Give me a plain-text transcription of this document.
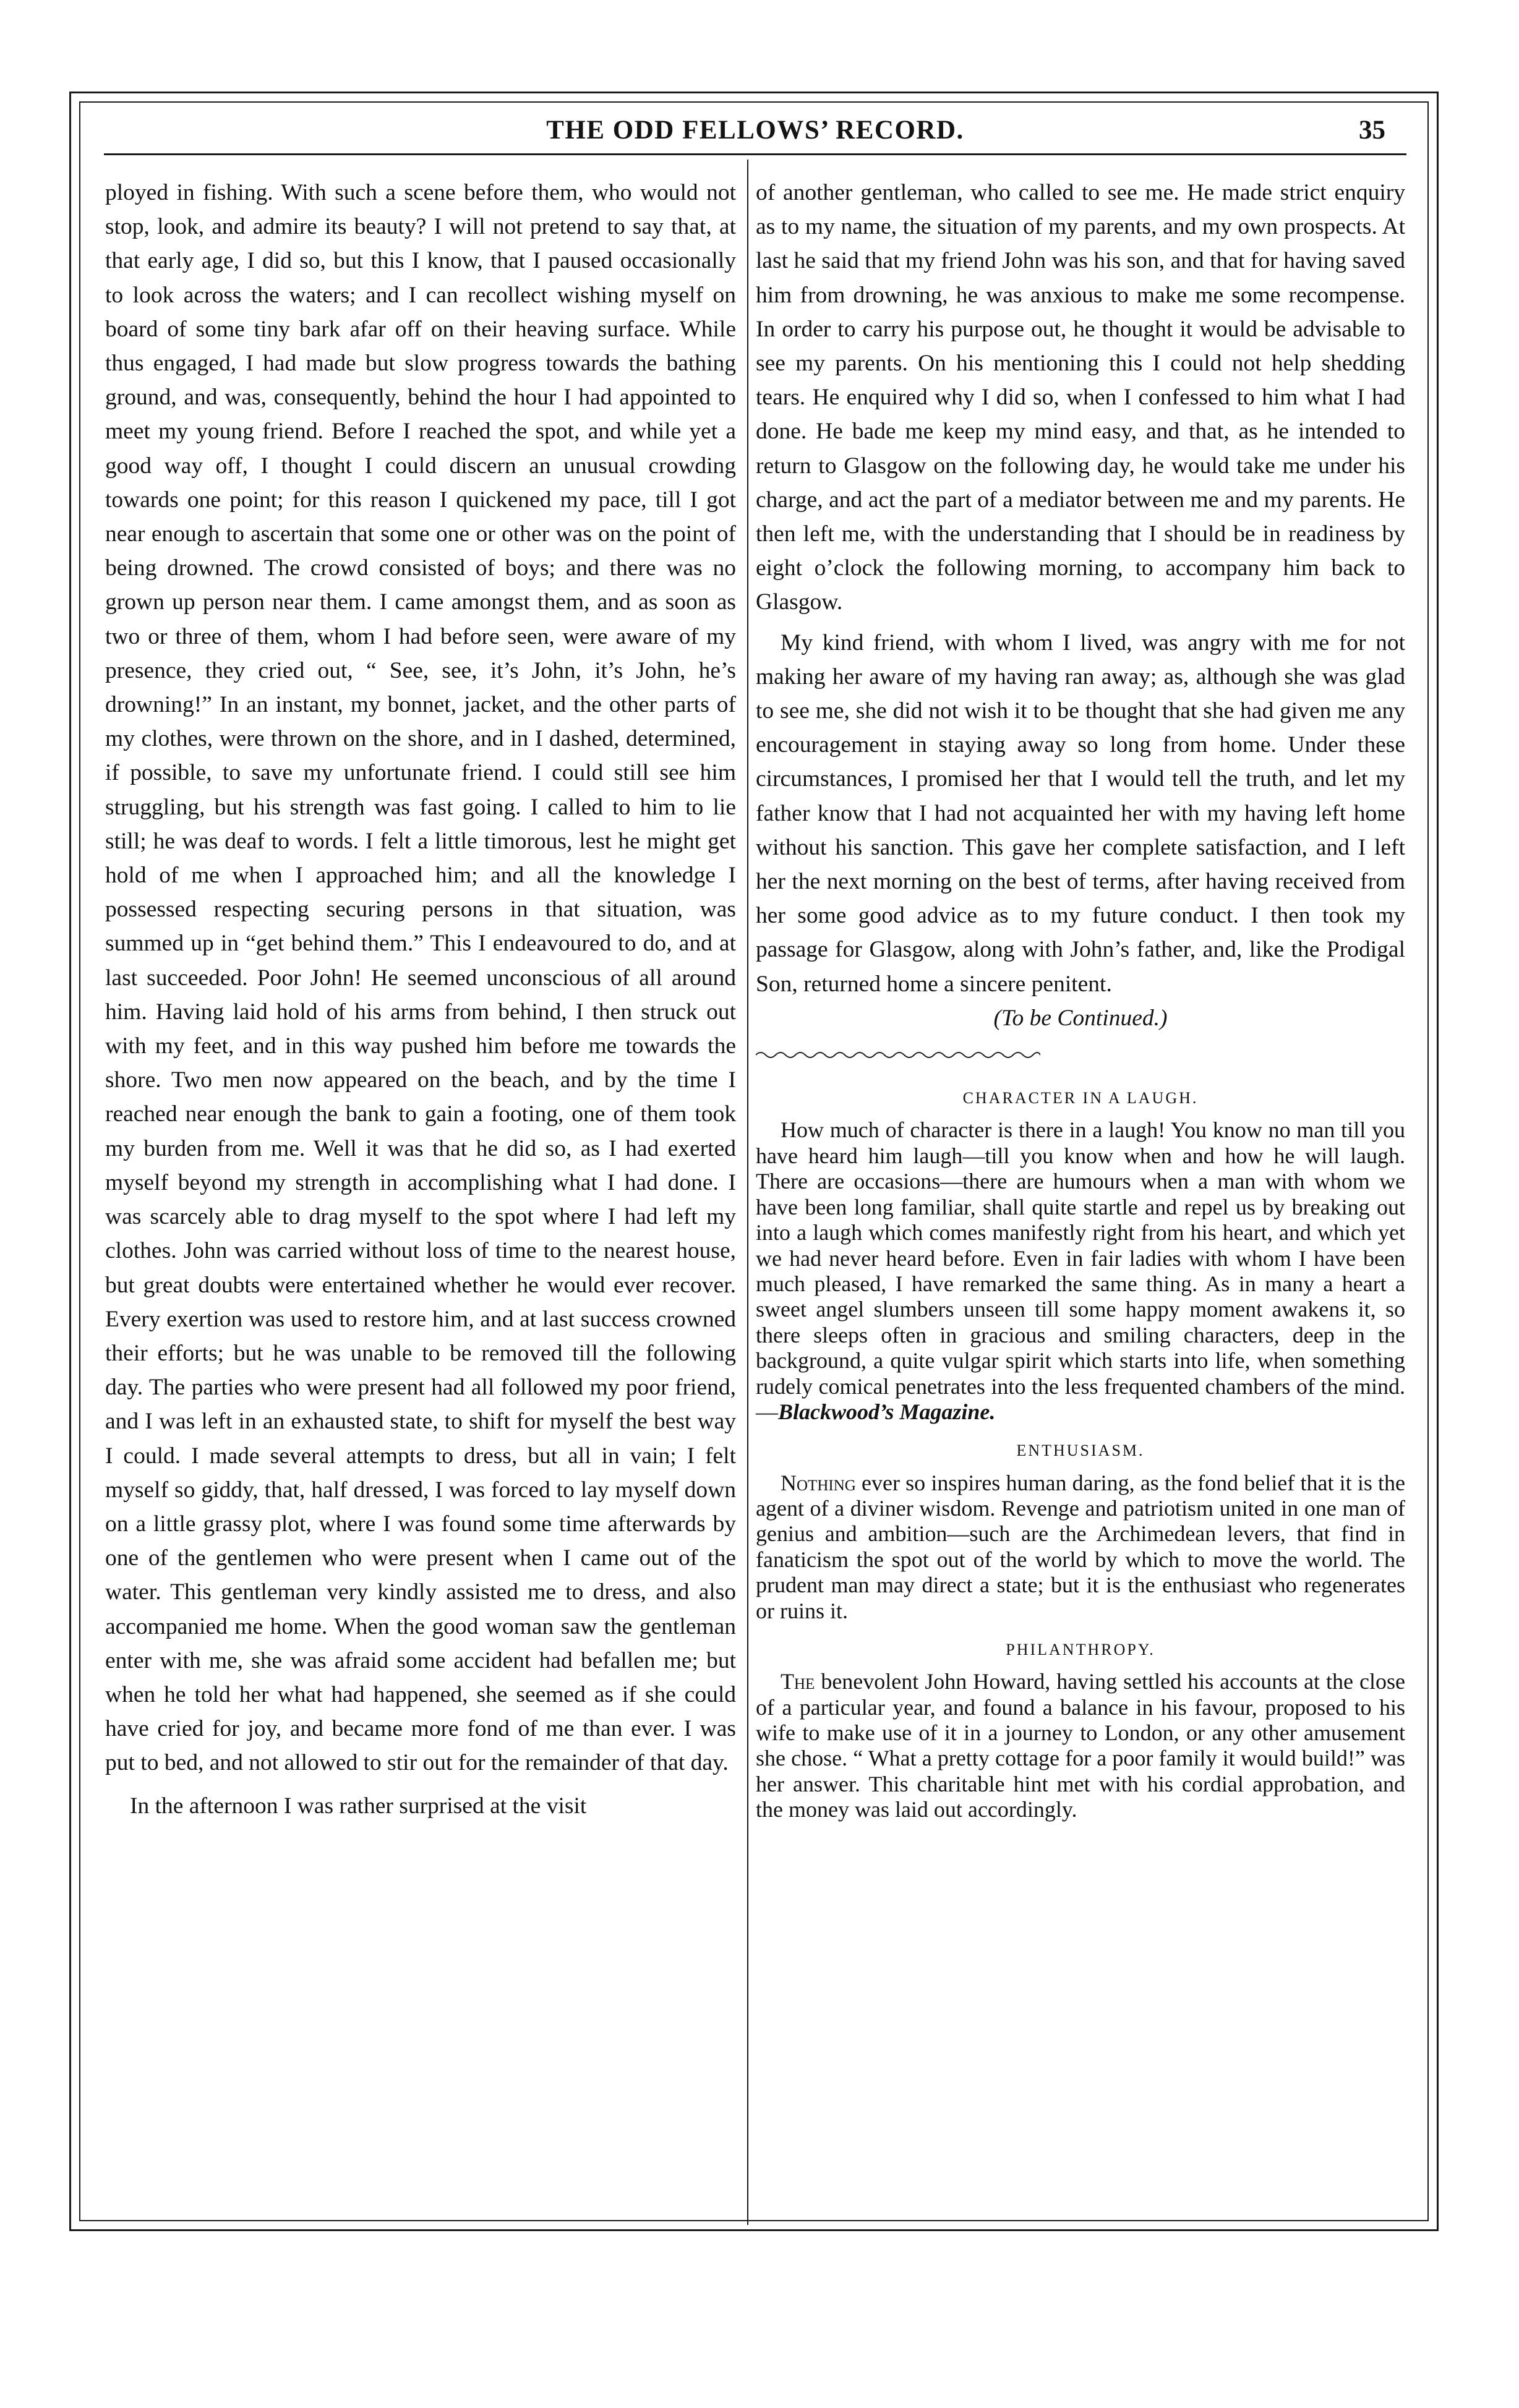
THE ODD FELLOWS’ RECORD.	35

ployed in fishing. With such a scene before them, who would not stop, look, and admire its beauty? I will not pretend to say that, at that early age, I did so, but this I know, that I paused occasionally to look across the waters; and I can recollect wishing myself on board of some tiny bark afar off on their heaving surface. While thus engaged, I had made but slow progress towards the bathing ground, and was, consequently, behind the hour I had appointed to meet my young friend. Before I reached the spot, and while yet a good way off, I thought I could discern an unusual crowding towards one point; for this reason I quickened my pace, till I got near enough to ascertain that some one or other was on the point of being drowned. The crowd consisted of boys; and there was no grown up person near them. I came amongst them, and as soon as two or three of them, whom I had before seen, were aware of my presence, they cried out, “ See, see, it’s John, it’s John, he’s drowning!” In an instant, my bonnet, jacket, and the other parts of my clothes, were thrown on the shore, and in I dashed, determined, if possible, to save my unfortunate friend. I could still see him struggling, but his strength was fast going. I called to him to lie still; he was deaf to words. I felt a little timorous, lest he might get hold of me when I approached him; and all the knowledge I possessed respecting securing persons in that situation, was summed up in “get behind them.” This I endeavoured to do, and at last succeeded. Poor John! He seemed unconscious of all around him. Having laid hold of his arms from behind, I then struck out with my feet, and in this way pushed him before me towards the shore. Two men now appeared on the beach, and by the time I reached near enough the bank to gain a footing, one of them took my burden from me. Well it was that he did so, as I had exerted myself beyond my strength in accomplishing what I had done. I was scarcely able to drag myself to the spot where I had left my clothes. John was carried without loss of time to the nearest house, but great doubts were entertained whether he would ever recover. Every exertion was used to restore him, and at last success crowned their efforts; but he was unable to be removed till the following day. The parties who were present had all followed my poor friend, and I was left in an exhausted state, to shift for myself the best way I could. I made several attempts to dress, but all in vain; I felt myself so giddy, that, half dressed, I was forced to lay myself down on a little grassy plot, where I was found some time afterwards by one of the gentlemen who were present when I came out of the water. This gentleman very kindly assisted me to dress, and also accompanied me home. When the good woman saw the gentleman enter with me, she was afraid some accident had befallen me; but when he told her what had happened, she seemed as if she could have cried for joy, and became more fond of me than ever. I was put to bed, and not allowed to stir out for the remainder of that day.

In the afternoon I was rather surprised at the visit

of another gentleman, who called to see me. He made strict enquiry as to my name, the situation of my parents, and my own prospects. At last he said that my friend John was his son, and that for having saved him from drowning, he was anxious to make me some recompense. In order to carry his purpose out, he thought it would be advisable to see my parents. On his mentioning this I could not help shedding tears. He enquired why I did so, when I confessed to him what I had done. He bade me keep my mind easy, and that, as he intended to return to Glasgow on the following day, he would take me under his charge, and act the part of a mediator between me and my parents. He then left me, with the understanding that I should be in readiness by eight o’clock the following morning, to accompany him back to Glasgow.

My kind friend, with whom I lived, was angry with me for not making her aware of my having ran away; as, although she was glad to see me, she did not wish it to be thought that she had given me any encouragement in staying away so long from home. Under these circumstances, I promised her that I would tell the truth, and let my father know that I had not acquainted her with my having left home without his sanction. This gave her complete satisfaction, and I left her the next morning on the best of terms, after having received from her some good advice as to my future conduct. I then took my passage for Glasgow, along with John’s father, and, like the Prodigal Son, returned home a sincere penitent.

(To be Continued.)

CHARACTER IN A LAUGH.

How much of character is there in a laugh! You know no man till you have heard him laugh—till you know when and how he will laugh. There are occasions—there are humours when a man with whom we have been long familiar, shall quite startle and repel us by breaking out into a laugh which comes manifestly right from his heart, and which yet we had never heard before. Even in fair ladies with whom I have been much pleased, I have remarked the same thing. As in many a heart a sweet angel slumbers unseen till some happy moment awakens it, so there sleeps often in gracious and smiling characters, deep in the background, a quite vulgar spirit which starts into life, when something rudely comical penetrates into the less frequented chambers of the mind.—Blackwood’s Magazine.

ENTHUSIASM.

Nothing ever so inspires human daring, as the fond belief that it is the agent of a diviner wisdom. Revenge and patriotism united in one man of genius and ambition—such are the Archimedean levers, that find in fanaticism the spot out of the world by which to move the world. The prudent man may direct a state; but it is the enthusiast who regenerates or ruins it.

PHILANTHROPY.

The benevolent John Howard, having settled his accounts at the close of a particular year, and found a balance in his favour, proposed to his wife to make use of it in a journey to London, or any other amusement she chose. “ What a pretty cottage for a poor family it would build!” was her answer. This charitable hint met with his cordial approbation, and the money was laid out accordingly.
